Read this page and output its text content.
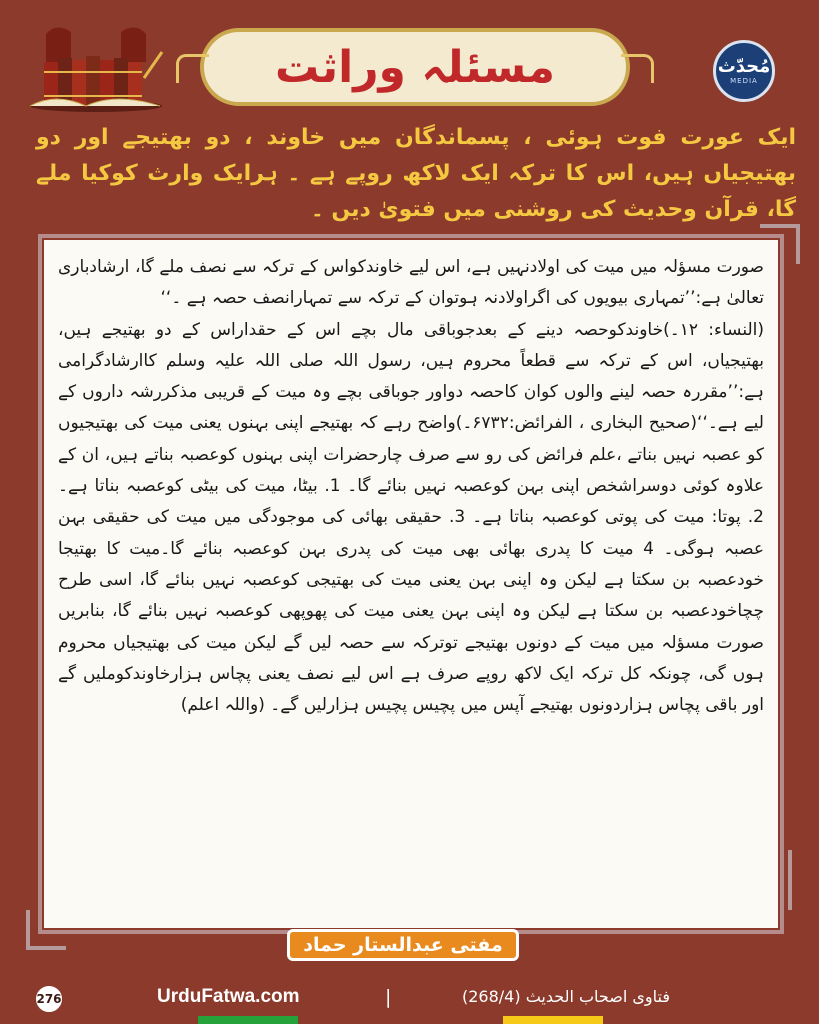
مسئلہ وراثت	مُحدّث
MEDIA
ایک عورت فوت ہوئی ، پسماندگان میں خاوند ، دو بھتیجے اور دو بھتیجیاں ہیں، اس کا ترکہ ایک لاکھ روپے ہے ۔ ہرایک وارث کوکیا ملے گا، قرآن وحدیث کی روشنی میں فتویٰ دیں ۔

صورت مسؤلہ میں میت کی اولادنہیں ہے، اس لیے خاوندکواس کے ترکہ سے نصف ملے گا، ارشادباری تعالیٰ ہے:’’تمہاری بیویوں کی اگراولادنہ ہوتوان کے ترکہ سے تمہارانصف حصہ ہے ۔‘‘

(النساء: ۱۲۔)خاوندکوحصہ دینے کے بعدجوباقی مال بچے اس کے حقداراس کے دو بھتیجے ہیں، بھتیجیاں، اس کے ترکہ سے قطعاً محروم ہیں، رسول اللہ صلی اللہ علیہ وسلم کاارشادگرامی ہے:’’مقررہ حصہ لینے والوں کوان کاحصہ دواور جوباقی بچے وہ میت کے قریبی مذکررشہ داروں کے لیے ہے۔‘‘(صحیح البخاری ، الفرائض:۶۷۳۲۔)واضح رہے کہ بھتیجے اپنی بہنوں یعنی میت کی بھتیجیوں کو عصبہ نہیں بناتے ،علم فرائض کی رو سے صرف چارحضرات اپنی بہنوں کوعصبہ بناتے ہیں، ان کے علاوہ کوئی دوسراشخص اپنی بہن کوعصبہ نہیں بنائے گا۔ 1. بیٹا، میت کی بیٹی کوعصبہ بناتا ہے۔ 2. پوتا: میت کی پوتی کوعصبہ بناتا ہے۔ 3. حقیقی بھائی کی موجودگی میں میت کی حقیقی بہن عصبہ ہوگی۔ 4 میت کا پدری بھائی بھی میت کی پدری بہن کوعصبہ بنائے گا۔میت کا بھتیجا خودعصبہ بن سکتا ہے لیکن وہ اپنی بہن یعنی میت کی بھتیجی کوعصبہ نہیں بنائے گا، اسی طرح چچاخودعصبہ بن سکتا ہے لیکن وہ اپنی بہن یعنی میت کی پھوپھی کوعصبہ نہیں بنائے گا، بنابریں صورت مسؤلہ میں میت کے دونوں بھتیجے توترکہ سے حصہ لیں گے لیکن میت کی بھتیجیاں محروم ہوں گی، چونکہ کل ترکہ ایک لاکھ روپے صرف ہے اس لیے نصف یعنی پچاس ہزارخاوندکوملیں گے اور باقی پچاس ہزاردونوں بھتیجے آپس میں پچیس پچیس ہزارلیں گے۔ (واللہ اعلم)

مفتی عبدالستار حماد
276	UrduFatwa.com	|	فتاوی اصحاب الحدیث (268/4)
